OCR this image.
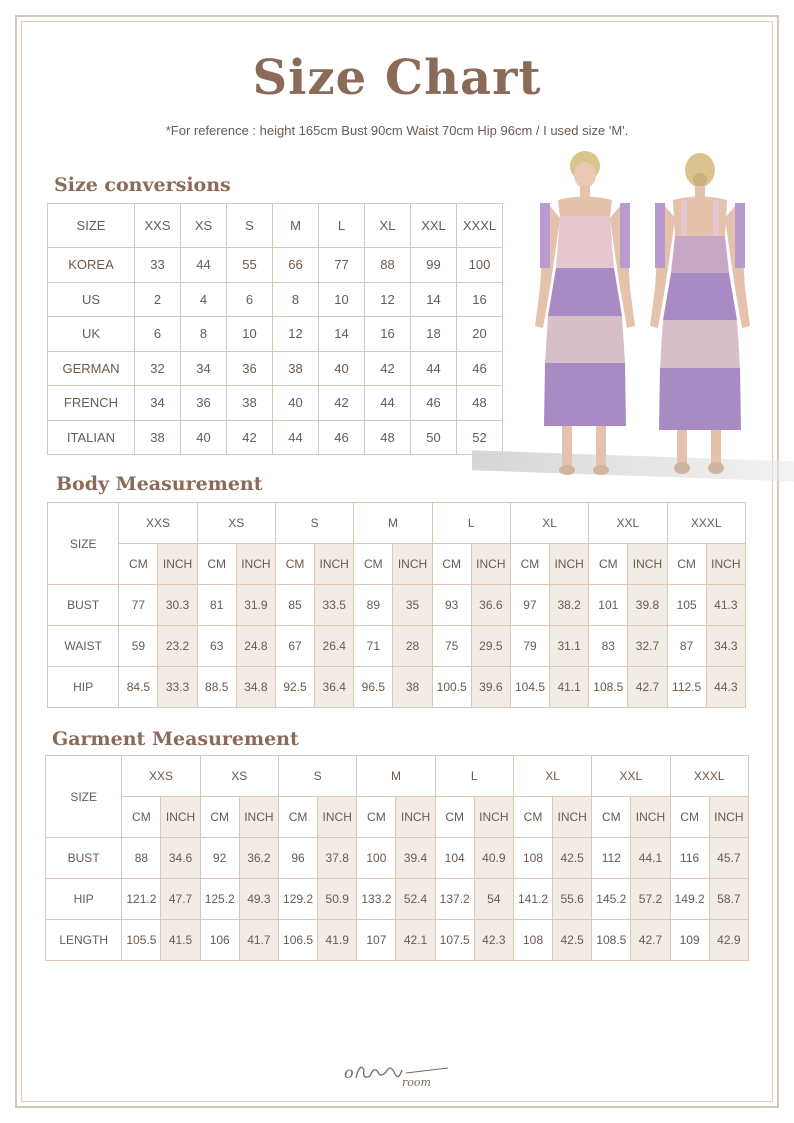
Size Chart

*For reference : height 165cm Bust 90cm Waist 70cm Hip 96cm / I used size 'M'.

Size conversions
SIZE	XXS	XS	S	M	L	XL	XXL	XXXL
KOREA	33	44	55	66	77	88	99	100
US	2	4	6	8	10	12	14	16
UK	6	8	10	12	14	16	18	20
GERMAN	32	34	36	38	40	42	44	46
FRENCH	34	36	38	40	42	44	46	48
ITALIAN	38	40	42	44	46	48	50	52
Body Measurement
SIZE	XXS		XS		S		M		L		XL		XXL		XXXL	
	CM	INCH	CM	INCH	CM	INCH	CM	INCH	CM	INCH	CM	INCH	CM	INCH	CM	INCH
BUST	77	30.3	81	31.9	85	33.5	89	35	93	36.6	97	38.2	101	39.8	105	41.3
WAIST	59	23.2	63	24.8	67	26.4	71	28	75	29.5	79	31.1	83	32.7	87	34.3
HIP	84.5	33.3	88.5	34.8	92.5	36.4	96.5	38	100.5	39.6	104.5	41.1	108.5	42.7	112.5	44.3
Garment Measurement
SIZE	XXS		XS		S		M		L		XL		XXL		XXXL	
	CM	INCH	CM	INCH	CM	INCH	CM	INCH	CM	INCH	CM	INCH	CM	INCH	CM	INCH
BUST	88	34.6	92	36.2	96	37.8	100	39.4	104	40.9	108	42.5	112	44.1	116	45.7
HIP	121.2	47.7	125.2	49.3	129.2	50.9	133.2	52.4	137.2	54	141.2	55.6	145.2	57.2	149.2	58.7
LENGTH	105.5	41.5	106	41.7	106.5	41.9	107	42.1	107.5	42.3	108	42.5	108.5	42.7	109	42.9
o
room
